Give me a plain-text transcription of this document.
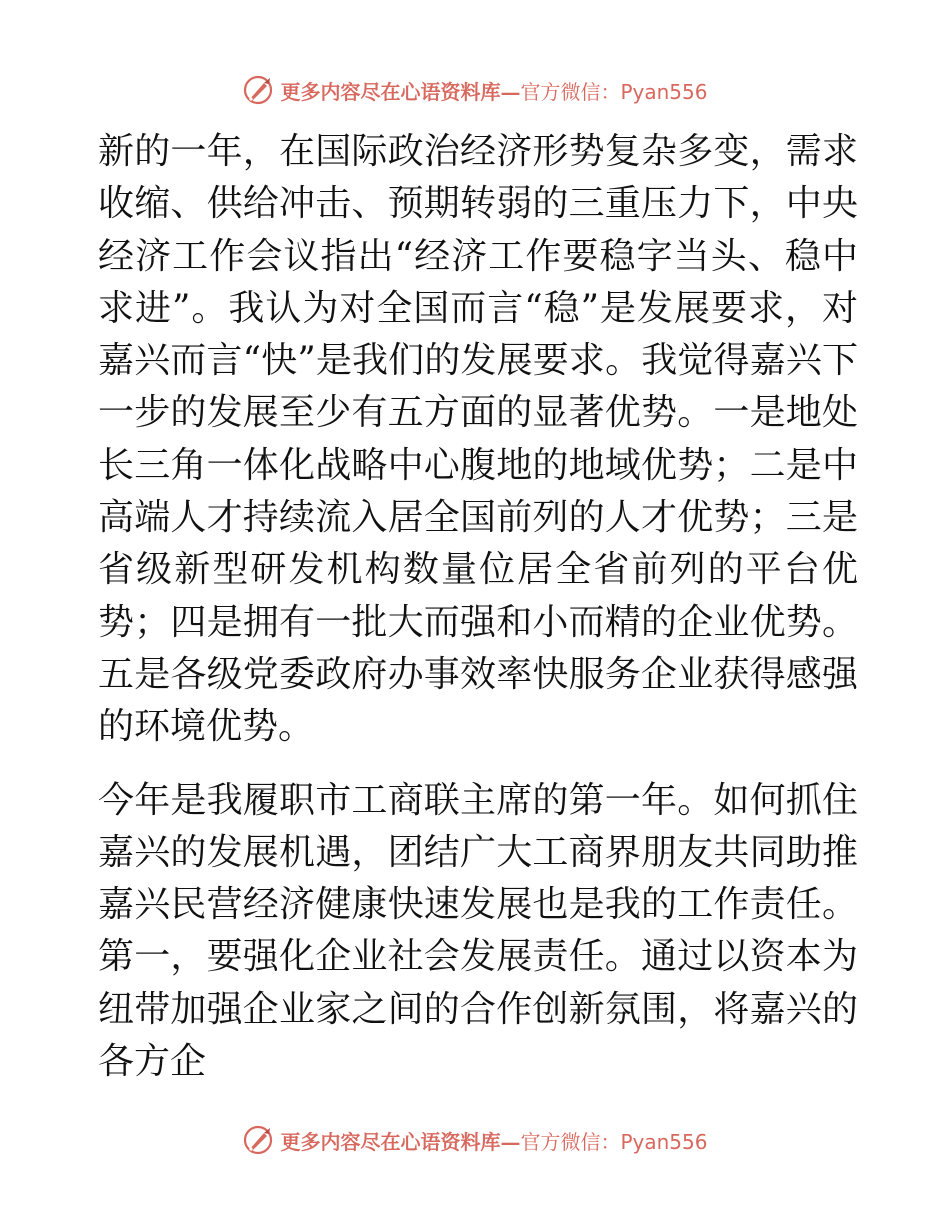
更多内容尽在心语资料库— 官方微信：Pyan556

新的一年，在国际政治经济形势复杂多变，需求收缩、供给冲击、预期转弱的三重压力下，中央经济工作会议指出“经济工作要稳字当头、稳中求进”。我认为对全国而言“稳”是发展要求，对嘉兴而言“快”是我们的发展要求。我觉得嘉兴下一步的发展至少有五方面的显著优势。一是地处长三角一体化战略中心腹地的地域优势；二是中高端人才持续流入居全国前列的人才优势；三是省级新型研发机构数量位居全省前列的平台优势；四是拥有一批大而强和小而精的企业优势。五是各级党委政府办事效率快服务企业获得感强的环境优势。

今年是我履职市工商联主席的第一年。如何抓住嘉兴的发展机遇，团结广大工商界朋友共同助推嘉兴民营经济健康快速发展也是我的工作责任。第一，要强化企业社会发展责任。通过以资本为纽带加强企业家之间的合作创新氛围，将嘉兴的各方企

更多内容尽在心语资料库— 官方微信：Pyan556
